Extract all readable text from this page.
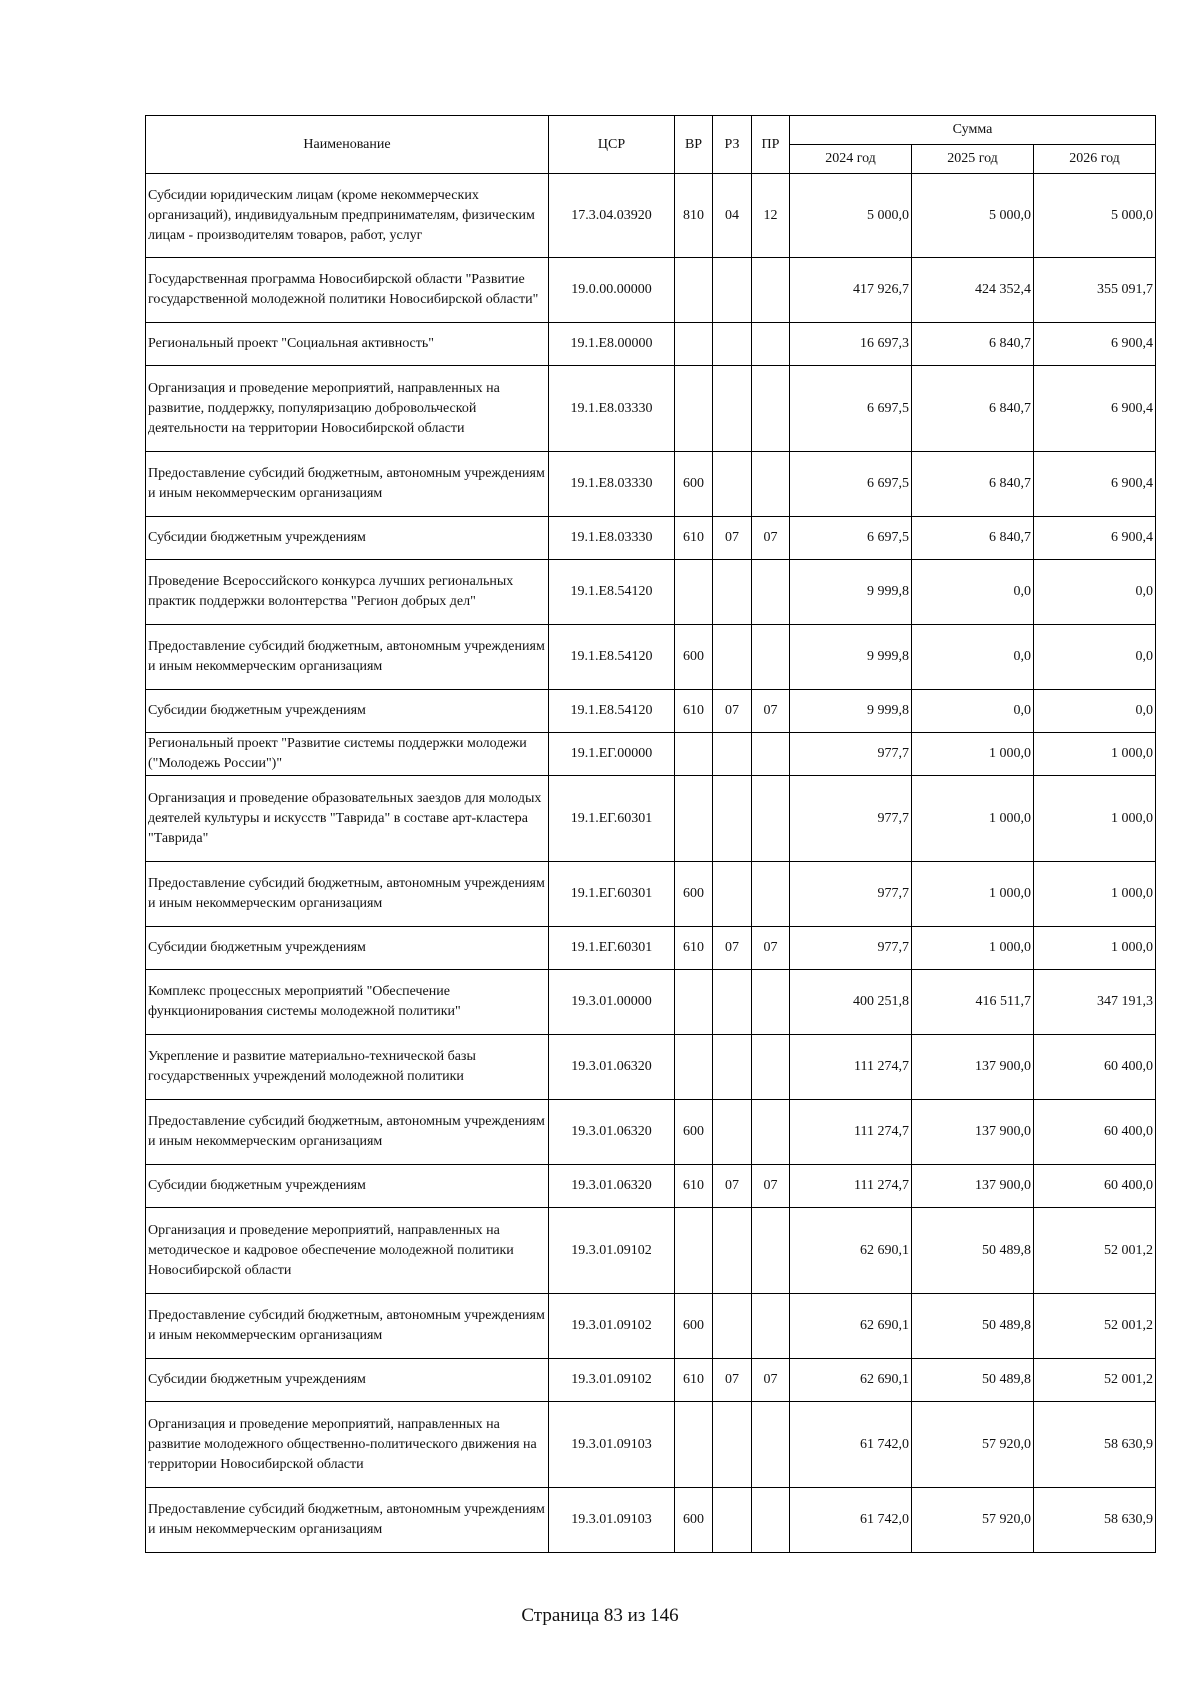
Наименование	ЦСР	ВР	РЗ	ПР	Сумма		
					2024 год	2025 год	2026 год
Субсидии юридическим лицам (кроме некоммерческих организаций), индивидуальным предпринимателям, физическим лицам - производителям товаров, работ, услуг	17.3.04.03920	810	04	12	5 000,0	5 000,0	5 000,0
Государственная программа Новосибирской области "Развитие государственной молодежной политики Новосибирской области"	19.0.00.00000				417 926,7	424 352,4	355 091,7
Региональный проект "Социальная активность"	19.1.E8.00000				16 697,3	6 840,7	6 900,4
Организация и проведение мероприятий, направленных на развитие, поддержку, популяризацию добровольческой деятельности на территории Новосибирской области	19.1.E8.03330				6 697,5	6 840,7	6 900,4
Предоставление субсидий бюджетным, автономным учреждениям и иным некоммерческим организациям	19.1.E8.03330	600			6 697,5	6 840,7	6 900,4
Субсидии бюджетным учреждениям	19.1.E8.03330	610	07	07	6 697,5	6 840,7	6 900,4
Проведение Всероссийского конкурса лучших региональных практик поддержки волонтерства "Регион добрых дел"	19.1.E8.54120				9 999,8	0,0	0,0
Предоставление субсидий бюджетным, автономным учреждениям и иным некоммерческим организациям	19.1.E8.54120	600			9 999,8	0,0	0,0
Субсидии бюджетным учреждениям	19.1.E8.54120	610	07	07	9 999,8	0,0	0,0
Региональный проект "Развитие системы поддержки молодежи ("Молодежь России")"	19.1.ЕГ.00000				977,7	1 000,0	1 000,0
Организация и проведение образовательных заездов для молодых деятелей культуры и искусств "Таврида" в составе арт-кластера "Таврида"	19.1.ЕГ.60301				977,7	1 000,0	1 000,0
Предоставление субсидий бюджетным, автономным учреждениям и иным некоммерческим организациям	19.1.ЕГ.60301	600			977,7	1 000,0	1 000,0
Субсидии бюджетным учреждениям	19.1.ЕГ.60301	610	07	07	977,7	1 000,0	1 000,0
Комплекс процессных мероприятий "Обеспечение функционирования системы молодежной политики"	19.3.01.00000				400 251,8	416 511,7	347 191,3
Укрепление и развитие материально-технической базы государственных учреждений молодежной политики	19.3.01.06320				111 274,7	137 900,0	60 400,0
Предоставление субсидий бюджетным, автономным учреждениям и иным некоммерческим организациям	19.3.01.06320	600			111 274,7	137 900,0	60 400,0
Субсидии бюджетным учреждениям	19.3.01.06320	610	07	07	111 274,7	137 900,0	60 400,0
Организация и проведение мероприятий, направленных на методическое и кадровое обеспечение молодежной политики Новосибирской области	19.3.01.09102				62 690,1	50 489,8	52 001,2
Предоставление субсидий бюджетным, автономным учреждениям и иным некоммерческим организациям	19.3.01.09102	600			62 690,1	50 489,8	52 001,2
Субсидии бюджетным учреждениям	19.3.01.09102	610	07	07	62 690,1	50 489,8	52 001,2
Организация и проведение мероприятий, направленных на развитие молодежного общественно-политического движения на территории Новосибирской области	19.3.01.09103				61 742,0	57 920,0	58 630,9
Предоставление субсидий бюджетным, автономным учреждениям и иным некоммерческим организациям	19.3.01.09103	600			61 742,0	57 920,0	58 630,9
Страница 83 из 146
